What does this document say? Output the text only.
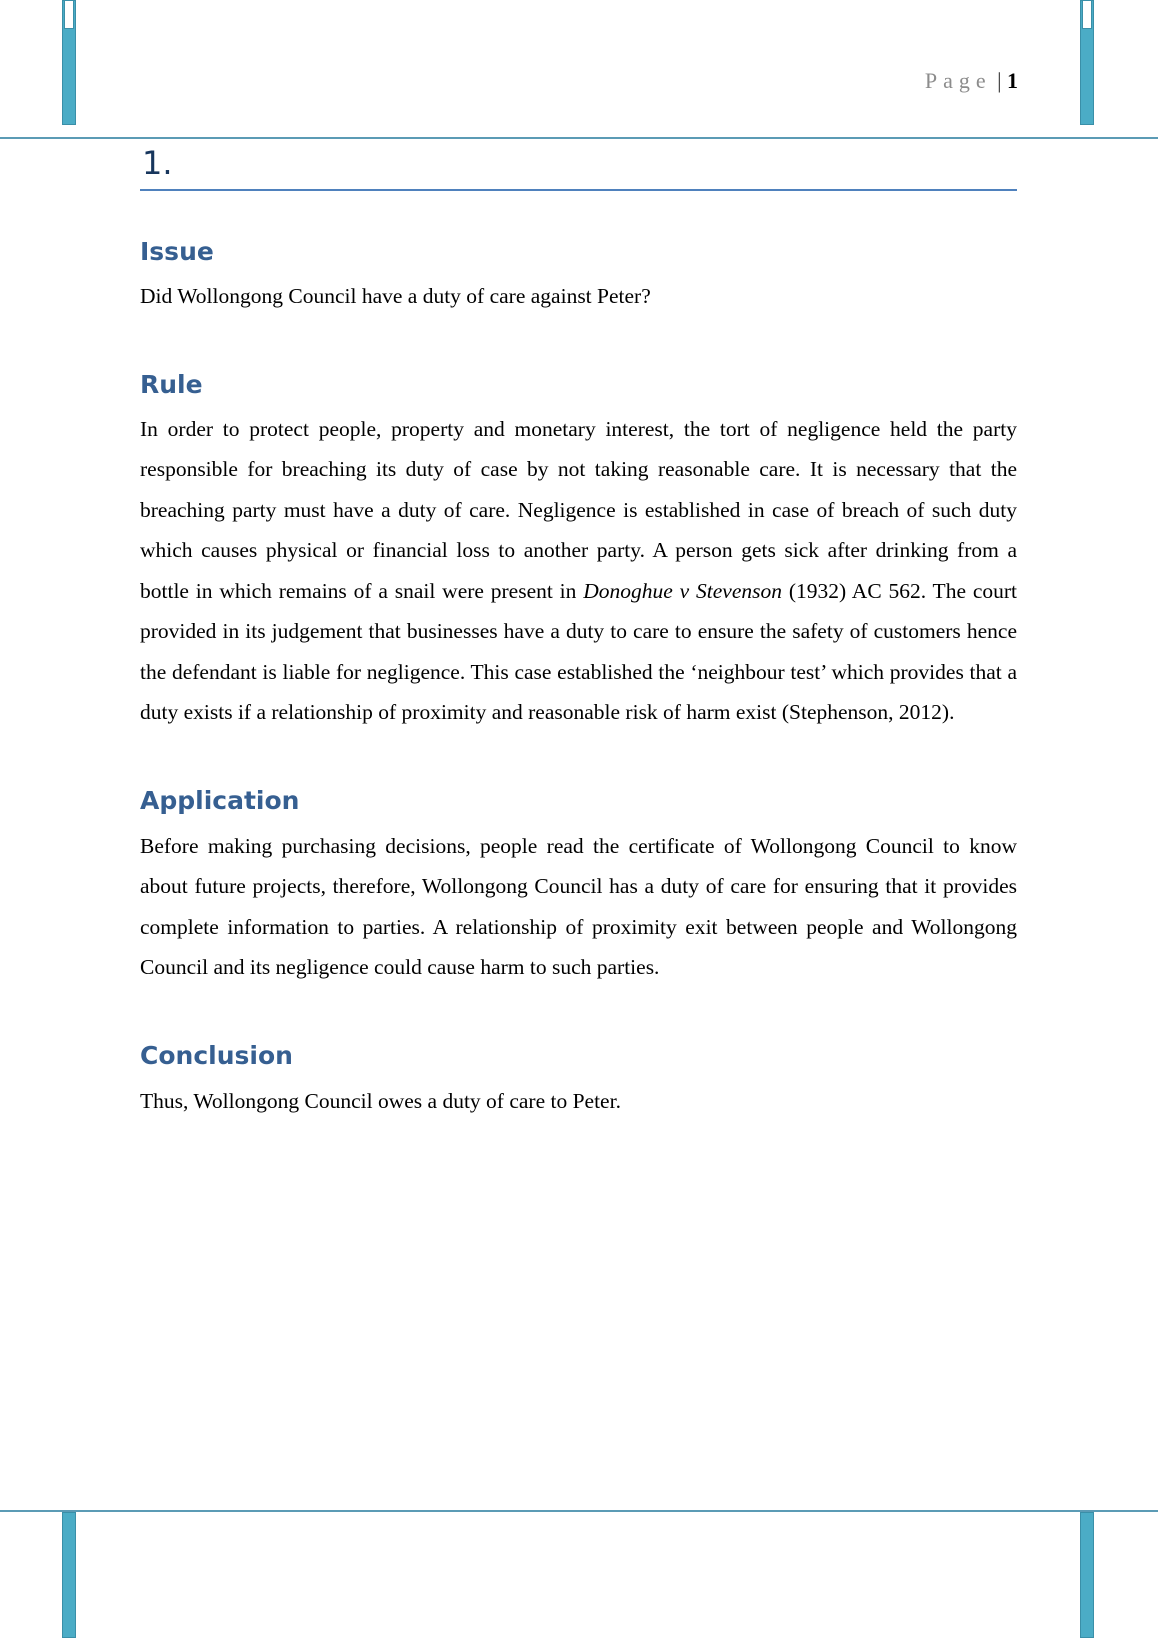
Page | 1
1.
Issue

Did Wollongong Council have a duty of care against Peter?

Rule

In order to protect people, property and monetary interest, the tort of negligence held the party responsible for breaching its duty of case by not taking reasonable care. It is necessary that the breaching party must have a duty of care. Negligence is established in case of breach of such duty which causes physical or financial loss to another party. A person gets sick after drinking from a bottle in which remains of a snail were present in Donoghue v Stevenson (1932) AC 562. The court provided in its judgement that businesses have a duty to care to ensure the safety of customers hence the defendant is liable for negligence. This case established the ‘neighbour test’ which provides that a duty exists if a relationship of proximity and reasonable risk of harm exist (Stephenson, 2012).

Application

Before making purchasing decisions, people read the certificate of Wollongong Council to know about future projects, therefore, Wollongong Council has a duty of care for ensuring that it provides complete information to parties. A relationship of proximity exit between people and Wollongong Council and its negligence could cause harm to such parties.

Conclusion

Thus, Wollongong Council owes a duty of care to Peter.
